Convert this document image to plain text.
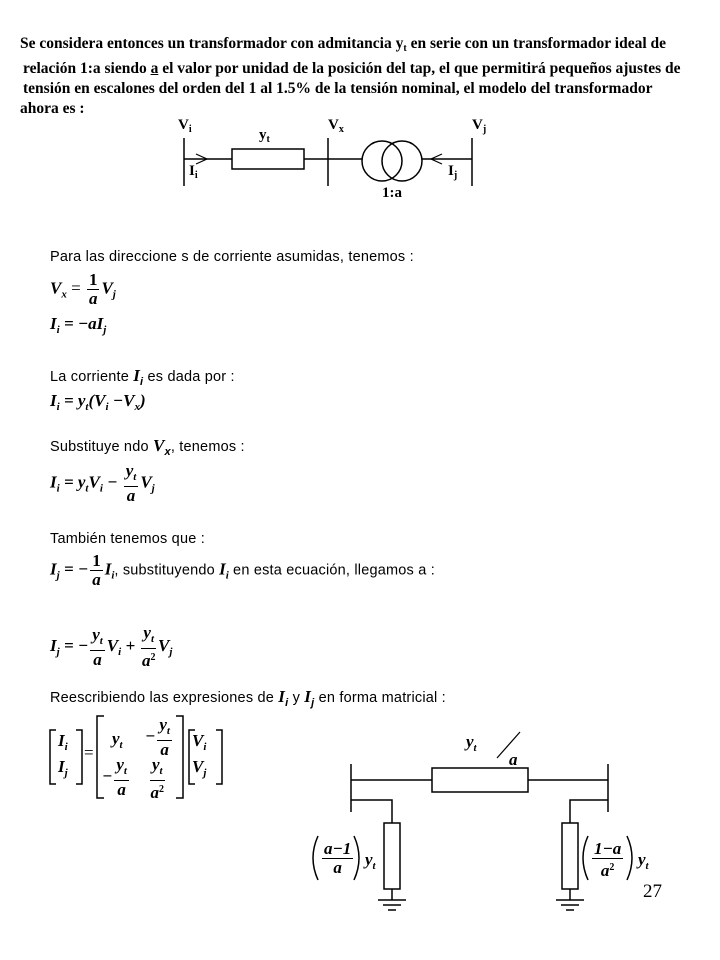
Se considera entonces un transformador con admitancia $y_t$ en serie con un transformador ideal de

relación 1:a siendo a el valor por unidad de la posición del tap, el que permitirá pequeños ajustes de

tensión en escalones del orden del 1 al 1.5% de la tensión nominal, el modelo del transformador

ahora es :

$V_i$	$V_x$	$V_j$
$y_t$
$I_i$	$I_j$
1:a
Para las direccione s de corriente asumidas, tenemos :
$V_x = \frac{1}{a} V_j$
$I_i = -aI_j$
La corriente $I_i$ es dada por :
$I_i = y_t(V_i -V_x)$
Substituye ndo $V_x$, tenemos :
$I_i = y_tV_i - \frac{y_t}{a} V_j$
También tenemos que :
$I_j$ = − $\frac{1}{a} I_i$, substituyendo $I_i$ en esta ecuación, llegamos a :
$I_j$ = − $\frac{y_t}{a} V_i + \frac{y_t}{a^2} V_j$
Reescribiendo las expresiones de $I_i$ y $I_j$ en forma matricial :
$I_i$
$I_j$
=
$y_t - \frac{y_t}{a}$
− $\frac{y_t}{a} \frac{y_t}{a^2}$
$V_i$
$V_j$
$y_t$
a
$\frac{a-1}{a} y_t$	$\frac{1-a}{a^2} y_t$
27
